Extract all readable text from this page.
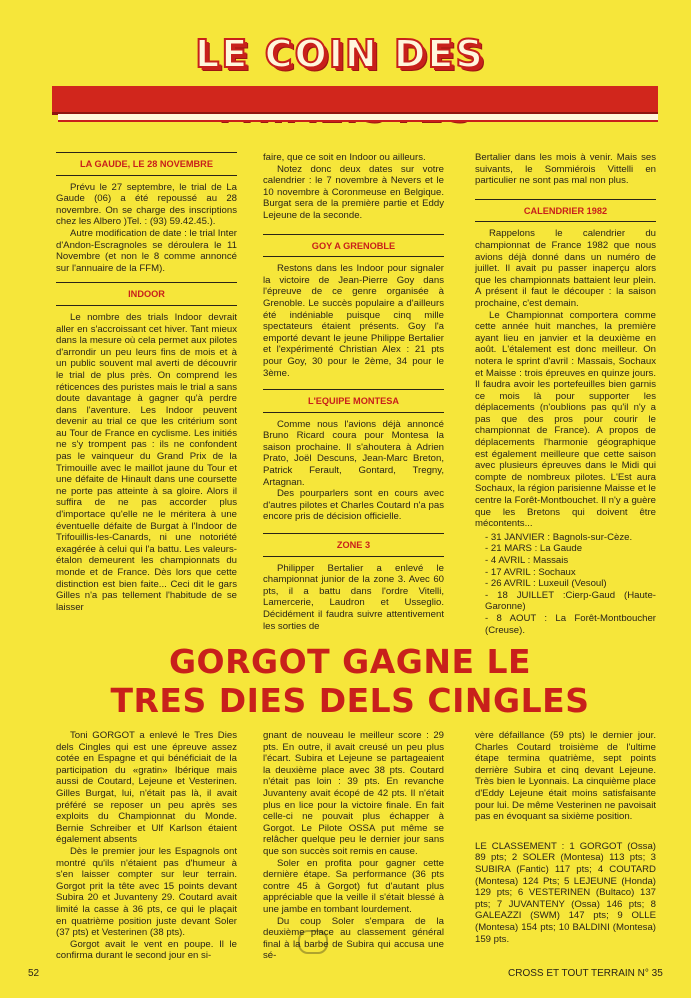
LE COIN DES
LA GAUDE, LE 28 NOVEMBRE

Prévu le 27 septembre, le trial de La Gaude (06) a été repoussé au 28 novembre. On se charge des inscriptions chez les Albero )Tel. : (93) 59.42.45.).

Autre modification de date : le trial Inter d'Andon-Escragnoles se déroulera le 11 Novembre (et non le 8 comme annoncé sur l'annuaire de la FFM).

INDOOR

Le nombre des trials Indoor devrait aller en s'accroissant cet hiver. Tant mieux dans la mesure où cela permet aux pilotes d'arrondir un peu leurs fins de mois et à un public souvent mal averti de découvrir le trial de plus près. On comprend les réticences des puristes mais le trial a sans doute davantage à gagner qu'à perdre dans l'aventure. Les Indoor peuvent devenir au trial ce que les critérium sont au Tour de France en cyclisme. Les initiés ne s'y trompent pas : ils ne confondent pas le vainqueur du Grand Prix de la Trimouille avec le maillot jaune du Tour et une défaite de Hinault dans une coursette ne porte pas atteinte à sa gloire. Alors il suffira de ne pas accorder plus d'importace qu'elle ne le méritera à une éventuelle défaite de Burgat à l'Indoor de Trifouillis-les-Canards, ni une notoriété exagérée à celui qui l'a battu. Les valeurs-étalon demeurent les championnats du monde et de France. Dès lors que cette distinction est bien faite... Ceci dit le gars Gilles n'a pas tellement l'habitude de se laisser

faire, que ce soit en Indoor ou ailleurs.

Notez donc deux dates sur votre calendrier : le 7 novembre à Nevers et le 10 novembre à Coronmeuse en Belgique. Burgat sera de la première partie et Eddy Lejeune de la seconde.

GOY A GRENOBLE

Restons dans les Indoor pour signaler la victoire de Jean-Pierre Goy dans l'épreuve de ce genre organisée à Grenoble. Le succès populaire a d'ailleurs été indéniable puisque cinq mille spectateurs étaient présents. Goy l'a emporté devant le jeune Philippe Bertalier et l'expérimenté Christian Alex : 21 pts pour Goy, 30 pour le 2ème, 34 pour le 3ème.

L'EQUIPE MONTESA

Comme nous l'avions déjà annoncé Bruno Ricard coura pour Montesa la saison prochaine. Il s'ahoutera à Adrien Prato, Joël Descuns, Jean-Marc Breton, Patrick Ferault, Gontard, Tregny, Artagnan.

Des pourparlers sont en cours avec d'autres pilotes et Charles Coutard n'a pas encore pris de décision officielle.

ZONE 3

Philipper Bertalier a enlevé le championnat junior de la zone 3. Avec 60 pts, il a battu dans l'ordre Vitelli, Lamercerie, Laudron et Usseglio. Décidément il faudra suivre attentivement les sorties de

Bertalier dans les mois à venir. Mais ses suivants, le Sommiérois Vittelli en particulier ne sont pas mal non plus.

CALENDRIER 1982

Rappelons le calendrier du championnat de France 1982 que nous avions déjà donné dans un numéro de juillet. Il avait pu passer inaperçu alors que les championnats battaient leur plein. A présent il faut le découper : la saison prochaine, c'est demain.

Le Championnat comportera comme cette année huit manches, la première ayant lieu en janvier et la deuxième en août. L'étalement est donc meilleur. On notera le sprint d'avril : Massais, Sochaux et Maisse : trois épreuves en quinze jours. Il faudra avoir les portefeuilles bien garnis ce mois là pour supporter les déplacements (n'oublions pas qu'il n'y a pas que des pros pour courir le championnat de France). A propos de déplacements l'harmonie géographique est également meilleure que cette saison avec plusieurs épreuves dans le Midi qui compte de nombreux pilotes. L'Est aura Sochaux, la région parisienne Maisse et le centre la Forêt-Montbouchet. Il n'y a guère que les Bretons qui doivent être mécontents...

- 31 JANVIER : Bagnols-sur-Cèze.
- 21 MARS : La Gaude
- 4 AVRIL : Massais
- 17 AVRIL : Sochaux
- 26 AVRIL : Luxeuil (Vesoul)
- 18 JUILLET :Cierp-Gaud (Haute-Garonne)
- 8 AOUT : La Forêt-Montboucher (Creuse).
GORGOT GAGNE LE
TRES DIES DELS CINGLES

Toni GORGOT a enlevé le Tres Dies dels Cingles qui est une épreuve assez cotée en Espagne et qui bénéficiait de la participation du «gratin» Ibérique mais aussi de Coutard, Lejeune et Vesterinen. Gilles Burgat, lui, n'était pas là, il avait préféré se reposer un peu après ses exploits du Championnat du Monde. Bernie Schreiber et Ulf Karlson étaient également absents

Dès le premier jour les Espagnols ont montré qu'ils n'étaient pas d'humeur à s'en laisser compter sur leur terrain. Gorgot prit la tête avec 15 points devant Subira 20 et Juvanteny 29. Coutard avait limité la casse à 36 pts, ce qui le plaçait en quatrième position juste devant Soler (37 pts) et Vesterinen (38 pts).

Gorgot avait le vent en poupe. Il le confirma durant le second jour en si-

gnant de nouveau le meilleur score : 29 pts. En outre, il avait creusé un peu plus l'écart. Subira et Lejeune se partageaient la deuxième place avec 38 pts. Coutard n'était pas loin : 39 pts. En revanche Juvanteny avait écopé de 42 pts. Il n'était plus en lice pour la victoire finale. En fait celle-ci ne pouvait plus échapper à Gorgot. Le Pilote OSSA put même se relâcher quelque peu le dernier jour sans que son succès soit remis en cause.

Soler en profita pour gagner cette dernière étape. Sa performance (36 pts contre 45 à Gorgot) fut d'autant plus appréciable que la veille il s'était blessé à une jambe en tombant lourdement.

Du coup Soler s'empara de la deuxième place au classement général final à la barbe de Subira qui accusa une sé-

vère défaillance (59 pts) le dernier jour. Charles Coutard troisième de l'ultime étape termina quatrième, sept points derrière Subira et cinq devant Lejeune. Très bien le Lyonnais. La cinquième place d'Eddy Lejeune était moins satisfaisante pour lui. De même Vesterinen ne pavoisait pas en évoquant sa sixième position.

LE CLASSEMENT : 1 GORGOT (Ossa) 89 pts; 2 SOLER (Montesa) 113 pts; 3 SUBIRA (Fantic) 117 pts; 4 COUTARD (Montesa) 124 Pts; 5 LEJEUNE (Honda) 129 pts; 6 VESTERINEN (Bultaco) 137 pts; 7 JUVANTENY (Ossa) 146 pts; 8 GALEAZZI (SWM) 147 pts; 9 OLLE (Montesa) 154 pts; 10 BALDINI (Montesa) 159 pts.

52	CROSS ET TOUT TERRAIN N° 35
